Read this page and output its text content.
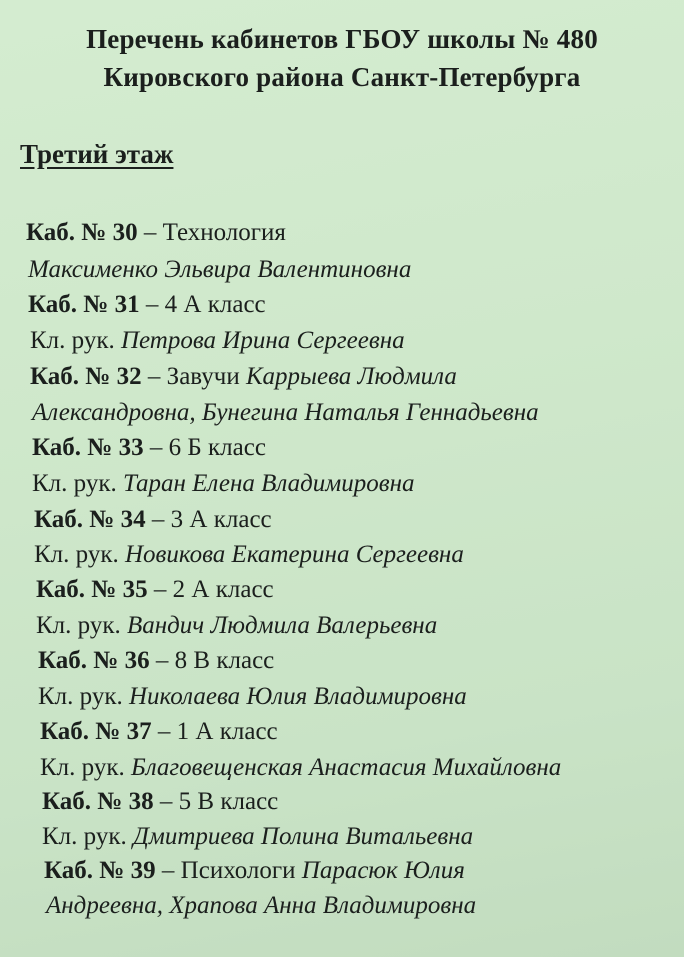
Перечень кабинетов ГБОУ школы № 480
Кировского района Санкт-Петербурга
Третий этаж
Каб. № 30 – Технология
Максименко Эльвира Валентиновна
Каб. № 31 – 4 А класс
Кл. рук. Петрова Ирина Сергеевна
Каб. № 32 – Завучи Каррыева Людмила
Александровна, Бунегина Наталья Геннадьевна
Каб. № 33 – 6 Б класс
Кл. рук. Таран Елена Владимировна
Каб. № 34 – 3 А класс
Кл. рук. Новикова Екатерина Сергеевна
Каб. № 35 – 2 А класс
Кл. рук. Вандич Людмила Валерьевна
Каб. № 36 – 8 В класс
Кл. рук. Николаева Юлия Владимировна
Каб. № 37 – 1 А класс
Кл. рук. Благовещенская Анастасия Михайловна
Каб. № 38 – 5 В класс
Кл. рук. Дмитриева Полина Витальевна
Каб. № 39 – Психологи Парасюк Юлия
Андреевна, Храпова Анна Владимировна
